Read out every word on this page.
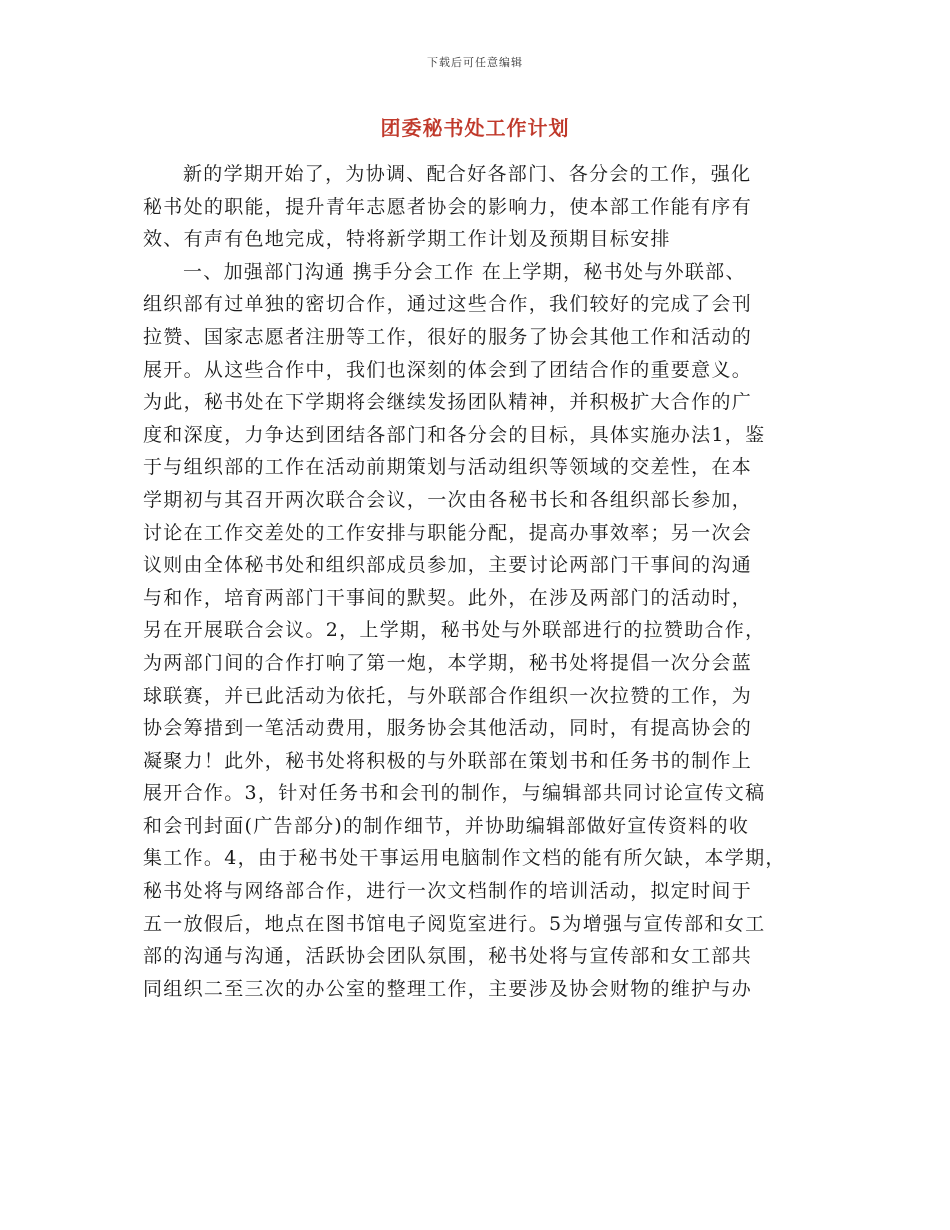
下载后可任意编辑
团委秘书处工作计划
新的学期开始了，为协调、配合好各部门、各分会的工作，强化
秘书处的职能，提升青年志愿者协会的影响力，使本部工作能有序有
效、有声有色地完成，特将新学期工作计划及预期目标安排
一、加强部门沟通 携手分会工作 在上学期，秘书处与外联部、
组织部有过单独的密切合作，通过这些合作，我们较好的完成了会刊
拉赞、国家志愿者注册等工作，很好的服务了协会其他工作和活动的
展开。从这些合作中，我们也深刻的体会到了团结合作的重要意义。
为此，秘书处在下学期将会继续发扬团队精神，并积极扩大合作的广
度和深度，力争达到团结各部门和各分会的目标，具体实施办法1，鉴
于与组织部的工作在活动前期策划与活动组织等领域的交差性，在本
学期初与其召开两次联合会议，一次由各秘书长和各组织部长参加，
讨论在工作交差处的工作安排与职能分配，提高办事效率；另一次会
议则由全体秘书处和组织部成员参加，主要讨论两部门干事间的沟通
与和作，培育两部门干事间的默契。此外，在涉及两部门的活动时，
另在开展联合会议。2，上学期，秘书处与外联部进行的拉赞助合作，
为两部门间的合作打响了第一炮，本学期，秘书处将提倡一次分会蓝
球联赛，并已此活动为依托，与外联部合作组织一次拉赞的工作，为
协会筹措到一笔活动费用，服务协会其他活动，同时，有提高协会的
凝聚力！此外，秘书处将积极的与外联部在策划书和任务书的制作上
展开合作。3，针对任务书和会刊的制作，与编辑部共同讨论宣传文稿
和会刊封面(广告部分)的制作细节，并协助编辑部做好宣传资料的收
集工作。4，由于秘书处干事运用电脑制作文档的能有所欠缺，本学期，
秘书处将与网络部合作，进行一次文档制作的培训活动，拟定时间于
五一放假后，地点在图书馆电子阅览室进行。5为增强与宣传部和女工
部的沟通与沟通，活跃协会团队氛围，秘书处将与宣传部和女工部共
同组织二至三次的办公室的整理工作，主要涉及协会财物的维护与办
